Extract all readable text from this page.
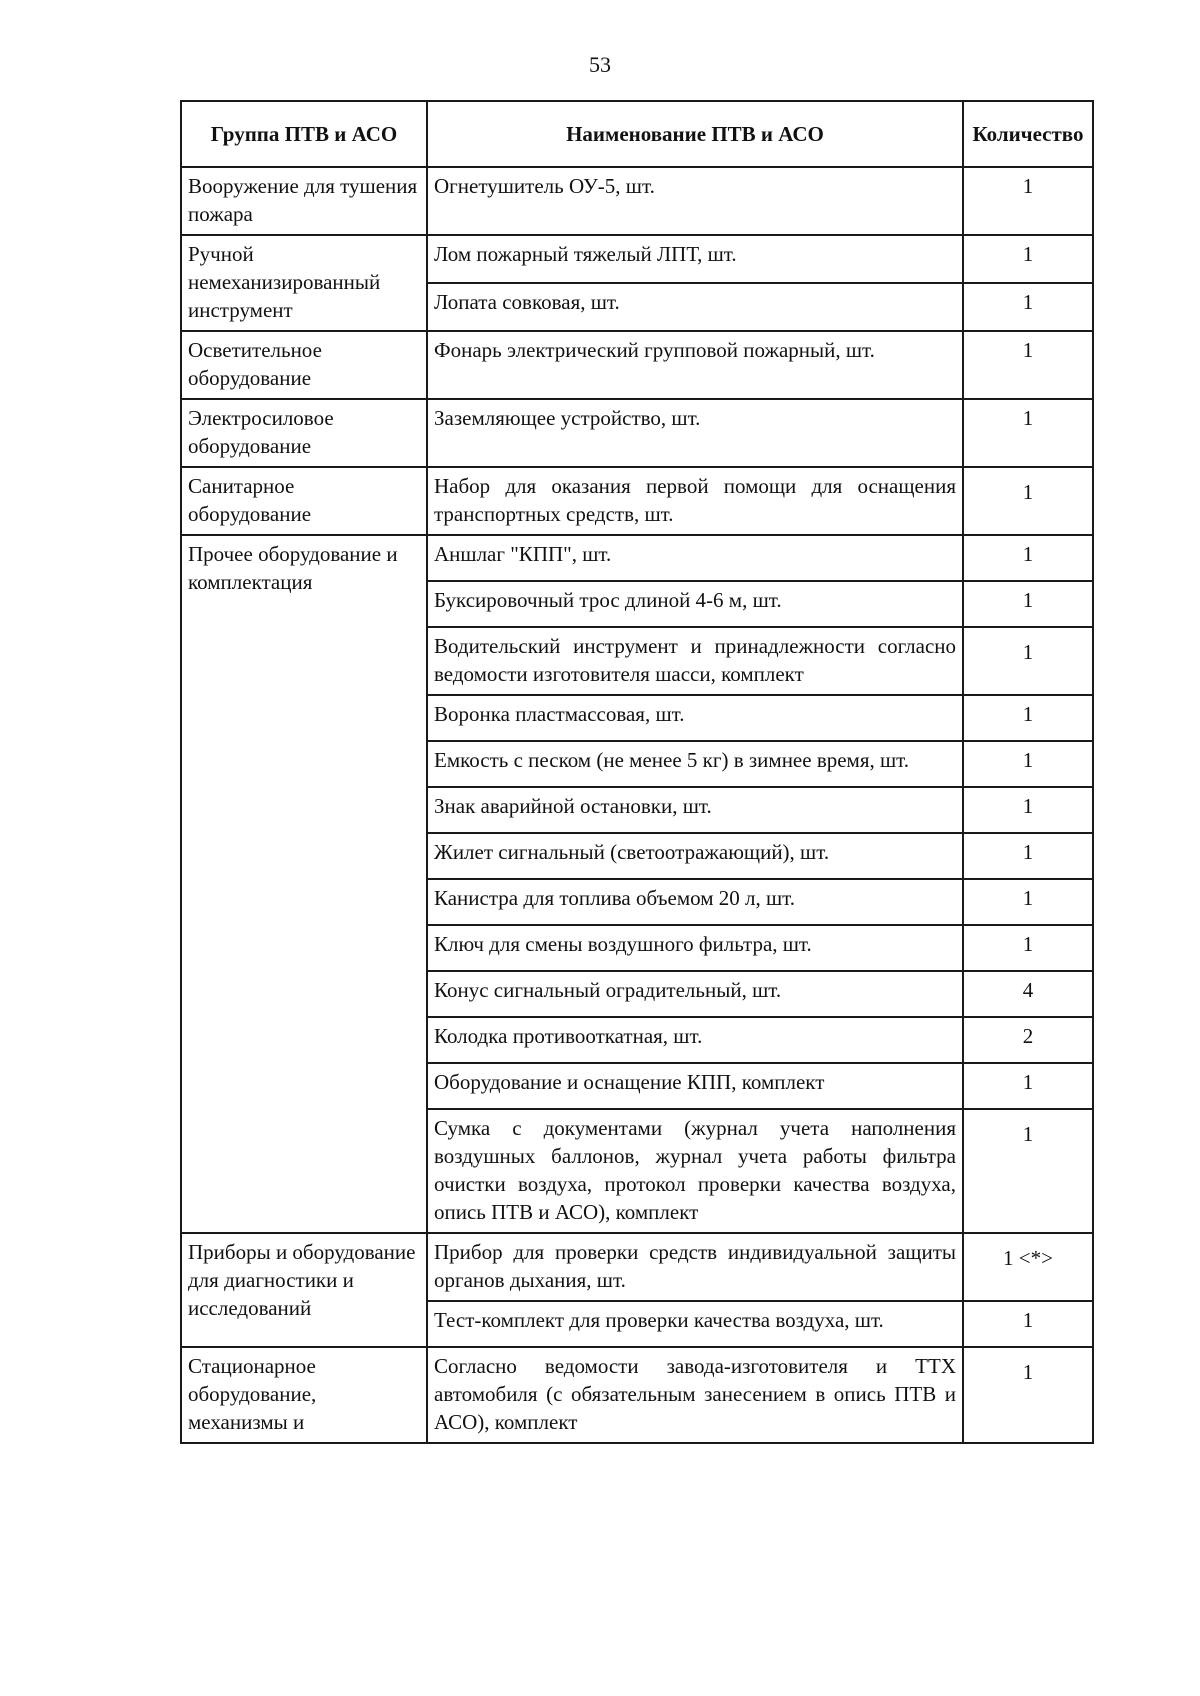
53
Группа ПТВ и АСО	Наименование ПТВ и АСО	Количество
Вооружение для тушения пожара	Огнетушитель ОУ-5, шт.	1
Ручной немеханизированный инструмент	Лом пожарный тяжелый ЛПТ, шт.	1
	Лопата совковая, шт.	1
Осветительное оборудование	Фонарь электрический групповой пожарный, шт.	1
Электросиловое оборудование	Заземляющее устройство, шт.	1
Санитарное оборудование	Набор для оказания первой помощи для оснащения транспортных средств, шт.	1
Прочее оборудование и комплектация	Аншлаг "КПП", шт.	1
	Буксировочный трос длиной 4-6 м, шт.	1
	Водительский инструмент и принадлежности согласно ведомости изготовителя шасси, комплект	1
	Воронка пластмассовая, шт.	1
	Емкость с песком (не менее 5 кг) в зимнее время, шт.	1
	Знак аварийной остановки, шт.	1
	Жилет сигнальный (светоотражающий), шт.	1
	Канистра для топлива объемом 20 л, шт.	1
	Ключ для смены воздушного фильтра, шт.	1
	Конус сигнальный оградительный, шт.	4
	Колодка противооткатная, шт.	2
	Оборудование и оснащение КПП, комплект	1
	Сумка с документами (журнал учета наполнения воздушных баллонов, журнал учета работы фильтра очистки воздуха, протокол проверки качества воздуха, опись ПТВ и АСО), комплект	1
Приборы и оборудование для диагностики и исследований	Прибор для проверки средств индивидуальной защиты органов дыхания, шт.	1 <*>
	Тест-комплект для проверки качества воздуха, шт.	1
Стационарное оборудование, механизмы и	Согласно ведомости завода-изготовителя и ТТХ автомобиля (с обязательным занесением в опись ПТВ и АСО), комплект	1
